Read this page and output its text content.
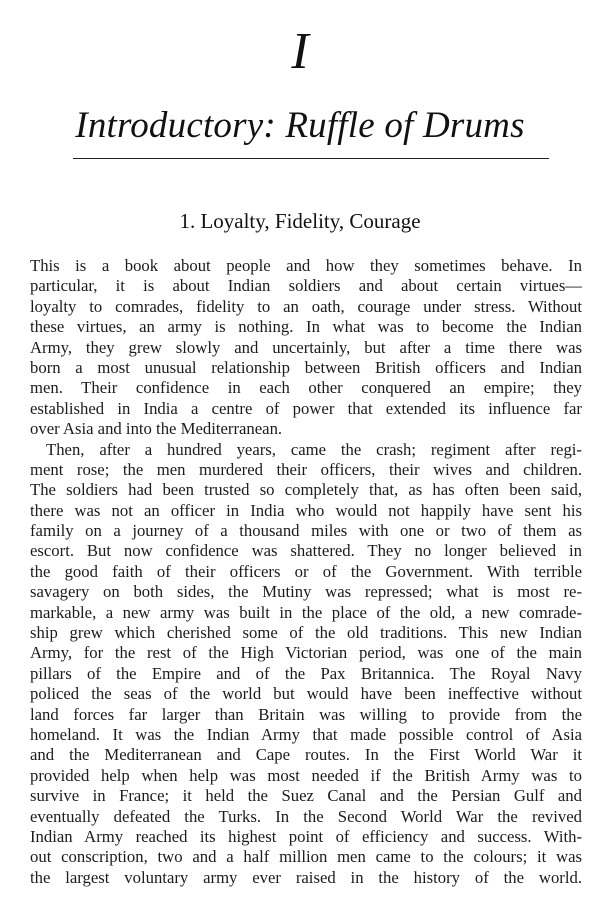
I
Introductory: Ruffle of Drums
1. Loyalty, Fidelity, Courage
This is a book about people and how they sometimes behave. In
particular, it is about Indian soldiers and about certain virtues—
loyalty to comrades, fidelity to an oath, courage under stress. Without
these virtues, an army is nothing. In what was to become the Indian
Army, they grew slowly and uncertainly, but after a time there was
born a most unusual relationship between British officers and Indian
men. Their confidence in each other conquered an empire; they
established in India a centre of power that extended its influence far
over Asia and into the Mediterranean.
Then, after a hundred years, came the crash; regiment after regi-
ment rose; the men murdered their officers, their wives and children.
The soldiers had been trusted so completely that, as has often been said,
there was not an officer in India who would not happily have sent his
family on a journey of a thousand miles with one or two of them as
escort. But now confidence was shattered. They no longer believed in
the good faith of their officers or of the Government. With terrible
savagery on both sides, the Mutiny was repressed; what is most re-
markable, a new army was built in the place of the old, a new comrade-
ship grew which cherished some of the old traditions. This new Indian
Army, for the rest of the High Victorian period, was one of the main
pillars of the Empire and of the Pax Britannica. The Royal Navy
policed the seas of the world but would have been ineffective without
land forces far larger than Britain was willing to provide from the
homeland. It was the Indian Army that made possible control of Asia
and the Mediterranean and Cape routes. In the First World War it
provided help when help was most needed if the British Army was to
survive in France; it held the Suez Canal and the Persian Gulf and
eventually defeated the Turks. In the Second World War the revived
Indian Army reached its highest point of efficiency and success. With-
out conscription, two and a half million men came to the colours; it was
the largest voluntary army ever raised in the history of the world.
